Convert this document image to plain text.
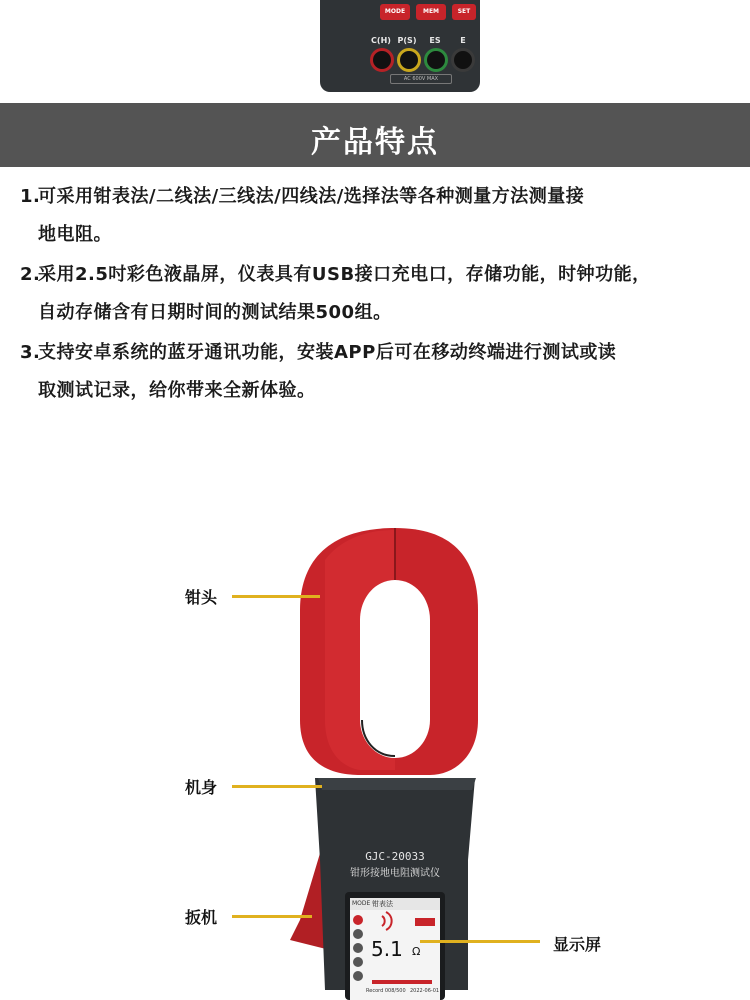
MODE	MEM	SET
C(H) P(S)	ES	E
AC 600V MAX
产品特点
1.
可采用钳表法/二线法/三线法/四线法/选择法等各种测量方法测量接
地电阻。
2.
采用2.5吋彩色液晶屏，仪表具有USB接口充电口，存储功能，时钟功能，
自动存储含有日期时间的测试结果500组。
3.
支持安卓系统的蓝牙通讯功能，安装APP后可在移动终端进行测试或读
取测试记录，给你带来全新体验。
MODE 钳表法
5.1 Ω
Record 008/500 2022-06-01
GJC-20033
钳形接地电阻测试仪
钳头
机身
扳机
显示屏
